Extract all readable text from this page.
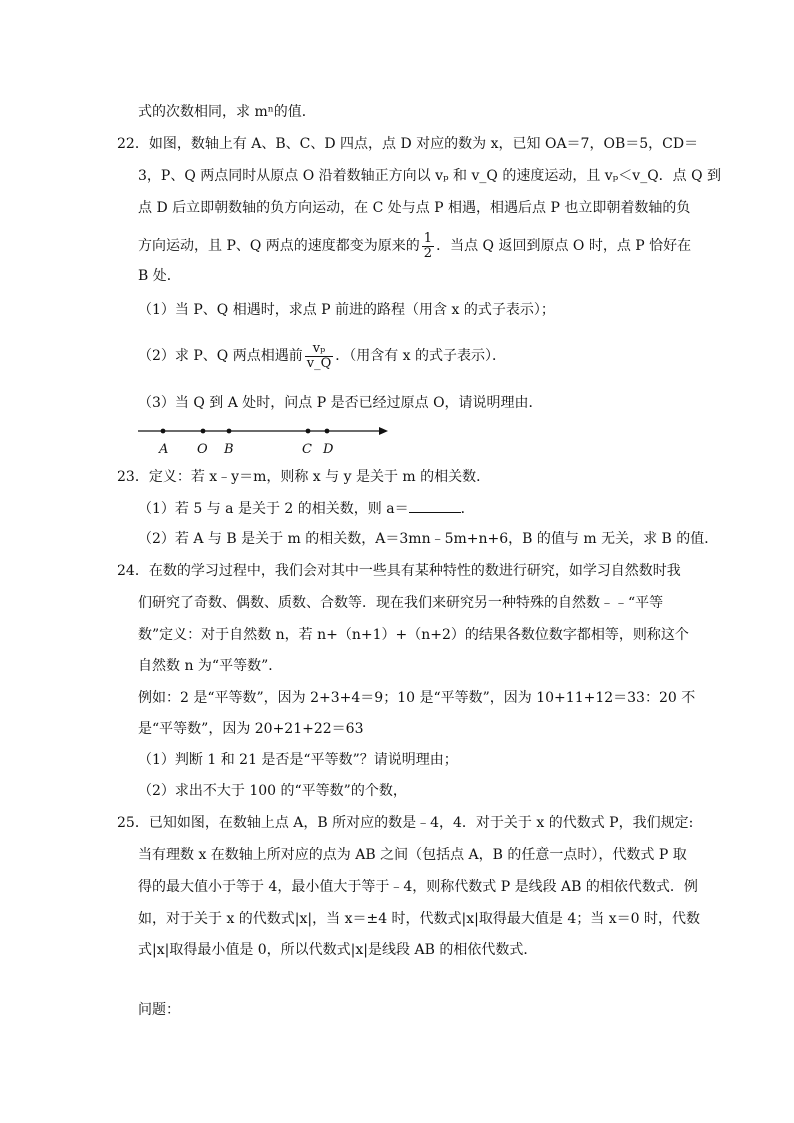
式的次数相同，求 mⁿ的值．
22．如图，数轴上有 A、B、C、D 四点，点 D 对应的数为 x，已知 OA＝7，OB＝5，CD＝
3，P、Q 两点同时从原点 O 沿着数轴正方向以 vₚ 和 v_Q 的速度运动，且 vₚ＜v_Q．点 Q 到
点 D 后立即朝数轴的负方向运动，在 C 处与点 P 相遇，相遇后点 P 也立即朝着数轴的负
方向运动，且 P、Q 两点的速度都变为原来的 $\frac{1}{2}$ ．当点 Q 返回到原点 O 时，点 P 恰好在
B 处．
（1）当 P、Q 相遇时，求点 P 前进的路程（用含 x 的式子表示）；
（2）求 P、Q 两点相遇前 $\frac{\text{vₚ}}{v\_Q}$ ．（用含有 x 的式子表示）．
（3）当 Q 到 A 处时，问点 P 是否已经过原点 O，请说明理由．
A O B	C D
23．定义：若 x﹣y＝m，则称 x 与 y 是关于 m 的相关数．
（1）若 5 与 a 是关于 2 的相关数，则 a＝	．
（2）若 A 与 B 是关于 m 的相关数，A＝3mn﹣5m+n+6，B 的值与 m 无关，求 B 的值．
24．在数的学习过程中，我们会对其中一些具有某种特性的数进行研究，如学习自然数时我
们研究了奇数、偶数、质数、合数等．现在我们来研究另一种特殊的自然数﹣﹣“平等
数”定义：对于自然数 n，若 n+（n+1）+（n+2）的结果各数位数字都相等，则称这个
自然数 n 为“平等数”．
例如：2 是“平等数”，因为 2+3+4＝9；10 是“平等数”，因为 10+11+12＝33：20 不
是“平等数”，因为 20+21+22＝63
（1）判断 1 和 21 是否是“平等数”？请说明理由；
（2）求出不大于 100 的“平等数”的个数，
25．已知如图，在数轴上点 A，B 所对应的数是﹣4，4．对于关于 x 的代数式 P，我们规定:
当有理数 x 在数轴上所对应的点为 AB 之间（包括点 A，B 的任意一点时），代数式 P 取
得的最大值小于等于 4，最小值大于等于﹣4，则称代数式 P 是线段 AB 的相依代数式．例
如，对于关于 x 的代数式|x|，当 x＝±4 时，代数式|x|取得最大值是 4；当 x＝0 时，代数
式|x|取得最小值是 0，所以代数式|x|是线段 AB 的相依代数式．
问题：
